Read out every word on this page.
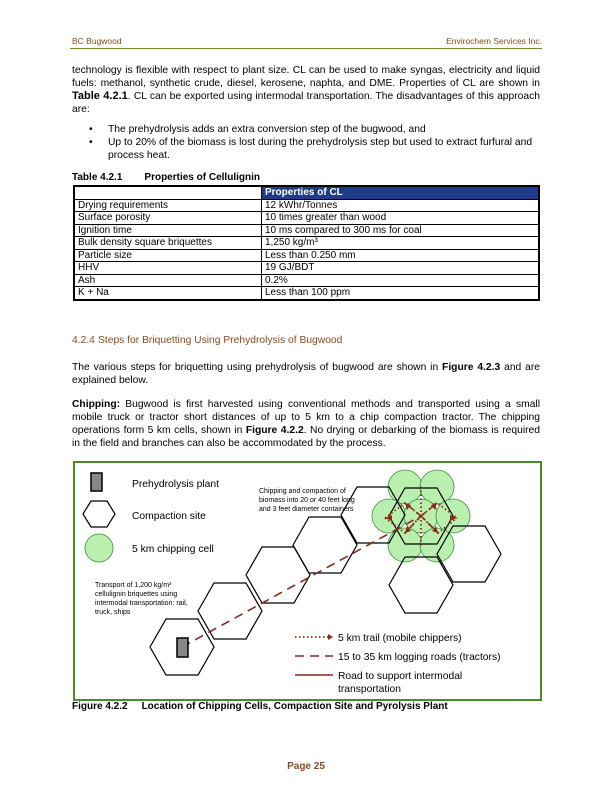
BC Bugwood	Envirochem Services Inc.

technology is flexible with respect to plant size. CL can be used to make syngas, electricity and liquid fuels: methanol, synthetic crude, diesel, kerosene, naphta, and DME. Properties of CL are shown in Table 4.2.1. CL can be exported using intermodal transportation. The disadvantages of this approach are:

• The prehydrolysis adds an extra conversion step of the bugwood, and
• Up to 20% of the biomass is lost during the prehydrolysis step but used to extract furfural and process heat.
Table 4.2.1 Properties of Cellulignin
	Properties of CL
Drying requirements	12 kWhr/Tonnes
Surface porosity	10 times greater than wood
Ignition time	10 ms compared to 300 ms for coal
Bulk density square briquettes	1,250 kg/m³
Particle size	Less than 0.250 mm
HHV	19 GJ/BDT
Ash	0.2%
K + Na	Less than 100 ppm
4.2.4 Steps for Briquetting Using Prehydrolysis of Bugwood

The various steps for briquetting using prehydrolysis of bugwood are shown in Figure 4.2.3 and are explained below.

Chipping: Bugwood is first harvested using conventional methods and transported using a small mobile truck or tractor short distances of up to 5 km to a chip compaction tractor. The chipping operations form 5 km cells, shown in Figure 4.2.2. No drying or debarking of the biomass is required in the field and branches can also be accommodated by the process.

Prehydrolysis plant
Compaction site
5 km chipping cell
Chipping and compaction of
biomass into 20 or 40 feet long
and 3 feet diameter containers
Transport of 1,200 kg/m³
cellulignin briquettes using
intermodal transportation: rail,
truck, ships
5 km trail (mobile chippers)
15 to 35 km logging roads (tractors)
Road to support intermodal
transportation
Figure 4.2.2 Location of Chipping Cells, Compaction Site and Pyrolysis Plant
Page 25
